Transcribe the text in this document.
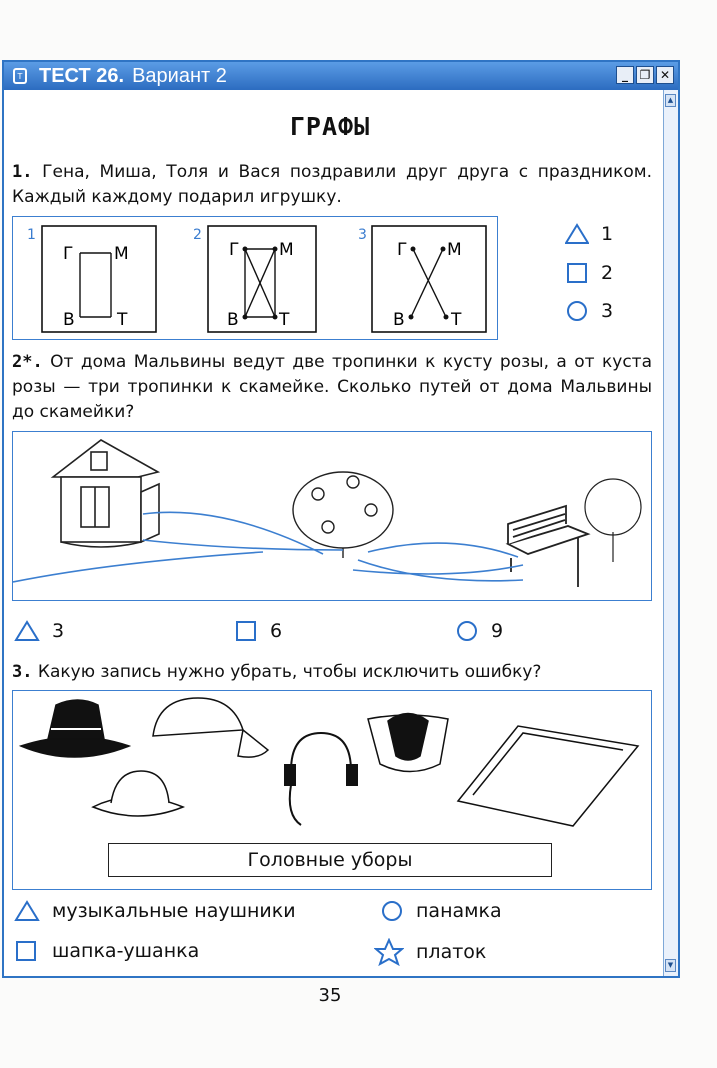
Т ТЕСТ 26. Вариант 2	_ ❐ ✕
▲
▼
ГРАФЫ
1. Гена, Миша, Толя и Вася поздравили друг друга с праздником. Каждый каждому подарил игрушку.
1
Г М
В Т
2
Г М
В Т
3
Г М
В	Т
1
2
3
2*. От дома Мальвины ведут две тропинки к кусту розы, а от куста розы — три тропинки к скамейке. Сколько путей от дома Мальвины до скамейки?
3	6	9
3. Какую запись нужно убрать, чтобы исключить ошибку?
Головные уборы
музыкальные наушники	панамка
шапка-ушанка	платок
35
